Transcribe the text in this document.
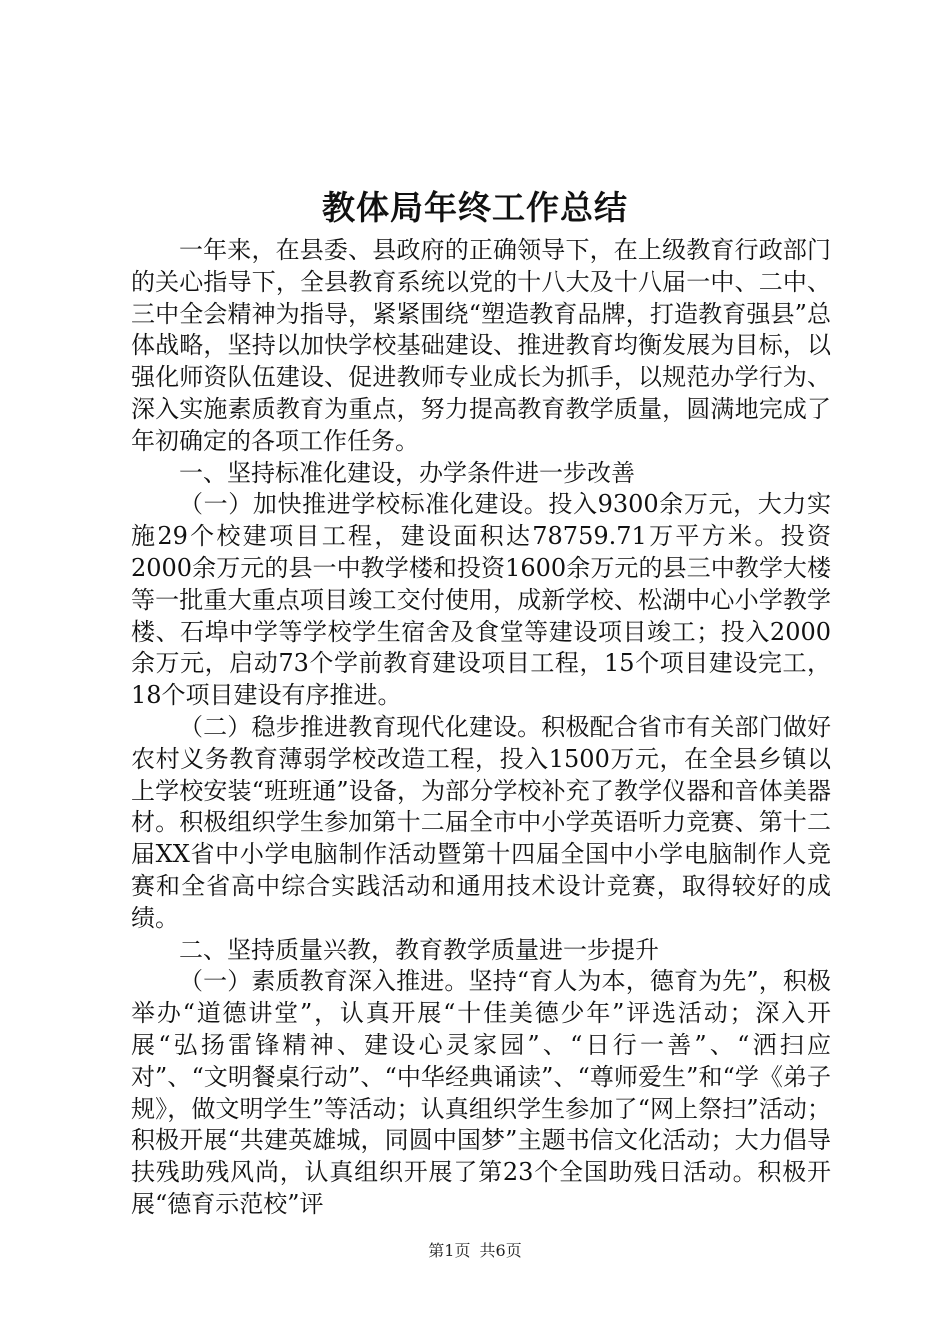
教体局年终工作总结

一年来，在县委、县政府的正确领导下，在上级教育行政部门的关心指导下，全县教育系统以党的十八大及十八届一中、二中、三中全会精神为指导，紧紧围绕“塑造教育品牌，打造教育强县”总体战略，坚持以加快学校基础建设、推进教育均衡发展为目标，以强化师资队伍建设、促进教师专业成长为抓手，以规范办学行为、深入实施素质教育为重点，努力提高教育教学质量，圆满地完成了年初确定的各项工作任务。

一、坚持标准化建设，办学条件进一步改善

（一）加快推进学校标准化建设。投入9300余万元，大力实施29个校建项目工程，建设面积达78759.71万平方米。投资2000余万元的县一中教学楼和投资1600余万元的县三中教学大楼等一批重大重点项目竣工交付使用，成新学校、松湖中心小学教学楼、石埠中学等学校学生宿舍及食堂等建设项目竣工；投入2000余万元，启动73个学前教育建设项目工程，15个项目建设完工，18个项目建设有序推进。

（二）稳步推进教育现代化建设。积极配合省市有关部门做好农村义务教育薄弱学校改造工程，投入1500万元，在全县乡镇以上学校安装“班班通”设备，为部分学校补充了教学仪器和音体美器材。积极组织学生参加第十二届全市中小学英语听力竞赛、第十二届XX省中小学电脑制作活动暨第十四届全国中小学电脑制作人竞赛和全省高中综合实践活动和通用技术设计竞赛，取得较好的成绩。

二、坚持质量兴教，教育教学质量进一步提升

（一）素质教育深入推进。坚持“育人为本，德育为先”，积极举办“道德讲堂”，认真开展“十佳美德少年”评选活动；深入开展“弘扬雷锋精神、建设心灵家园”、“日行一善”、“洒扫应对”、“文明餐桌行动”、“中华经典诵读”、“尊师爱生”和“学《弟子规》，做文明学生”等活动；认真组织学生参加了“网上祭扫”活动；积极开展“共建英雄城，同圆中国梦”主题书信文化活动；大力倡导扶残助残风尚，认真组织开展了第23个全国助残日活动。积极开展“德育示范校”评

第1页 共6页
